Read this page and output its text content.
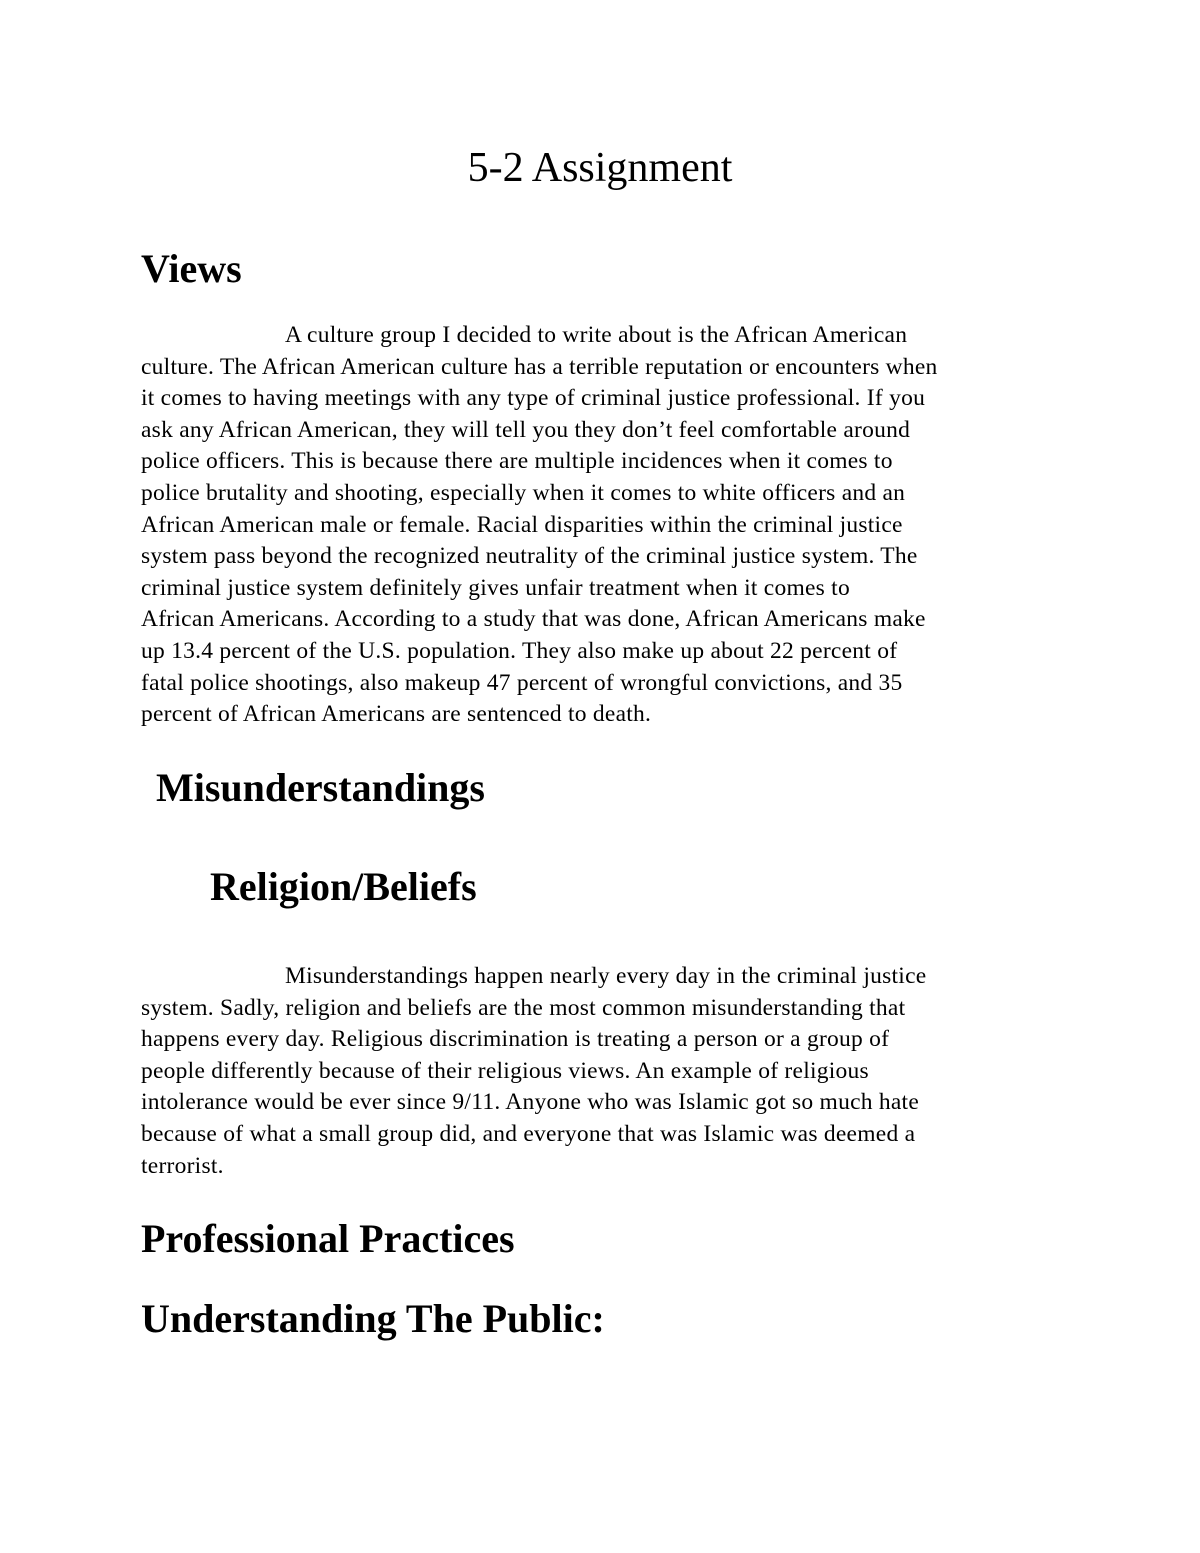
5-2 Assignment
Views
A culture group I decided to write about is the African American
culture. The African American culture has a terrible reputation or encounters when
it comes to having meetings with any type of criminal justice professional. If you
ask any African American, they will tell you they don’t feel comfortable around
police officers. This is because there are multiple incidences when it comes to
police brutality and shooting, especially when it comes to white officers and an
African American male or female. Racial disparities within the criminal justice
system pass beyond the recognized neutrality of the criminal justice system. The
criminal justice system definitely gives unfair treatment when it comes to
African Americans. According to a study that was done, African Americans make
up 13.4 percent of the U.S. population. They also make up about 22 percent of
fatal police shootings, also makeup 47 percent of wrongful convictions, and 35
percent of African Americans are sentenced to death.
Misunderstandings
Religion/Beliefs
Misunderstandings happen nearly every day in the criminal justice
system. Sadly, religion and beliefs are the most common misunderstanding that
happens every day. Religious discrimination is treating a person or a group of
people differently because of their religious views. An example of religious
intolerance would be ever since 9/11. Anyone who was Islamic got so much hate
because of what a small group did, and everyone that was Islamic was deemed a
terrorist.
Professional Practices
Understanding The Public:
